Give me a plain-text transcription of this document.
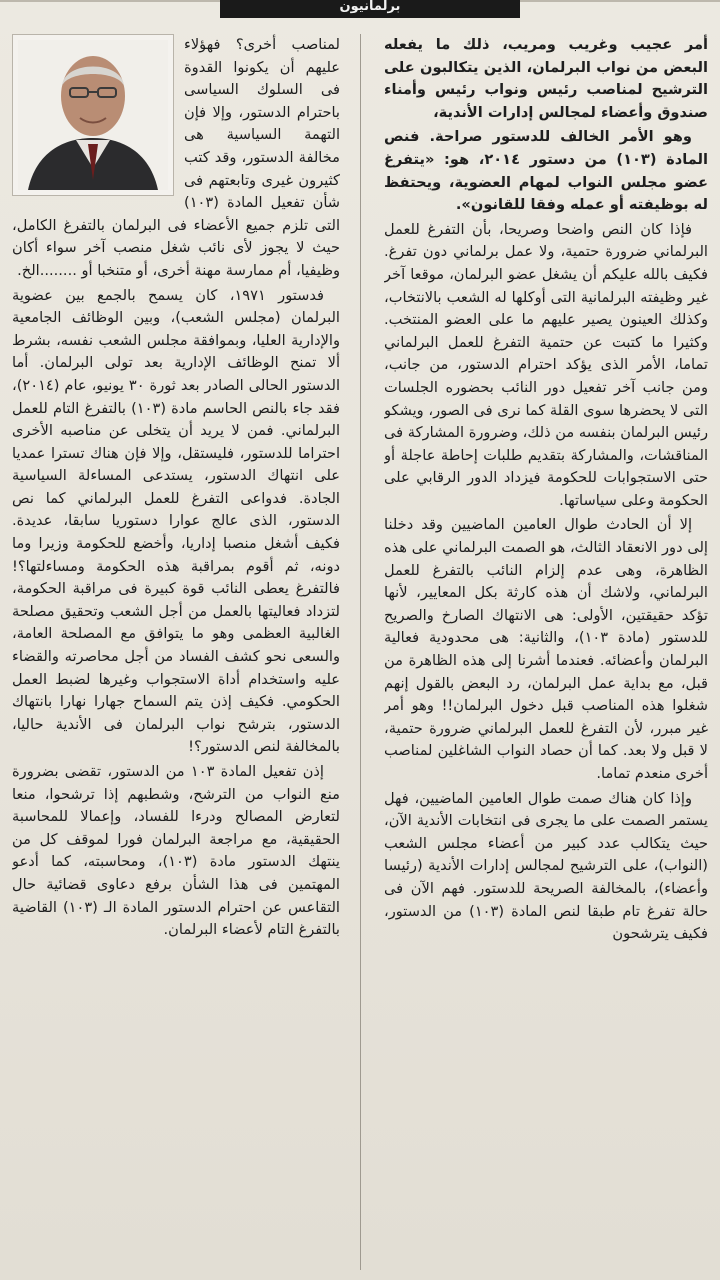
برلمانيون

أمر عجيب وغريب ومريب، ذلك ما يفعله البعض من نواب البرلمان، الذين يتكالبون على الترشيح لمناصب رئيس ونواب رئيس وأمناء صندوق وأعضاء لمجالس إدارات الأندية،

وهو الأمر الخالف للدستور صراحة. فنص المادة (١٠٣) من دستور ٢٠١٤، هو: «يتفرغ عضو مجلس النواب لمهام العضوية، ويحتفظ له بوظيفته أو عمله وفقا للقانون».

فإذا كان النص واضحا وصريحا، بأن التفرغ للعمل البرلماني ضرورة حتمية، ولا عمل برلماني دون تفرغ. فكيف بالله عليكم أن يشغل عضو البرلمان، موقعا آخر غير وظيفته البرلمانية التى أوكلها له الشعب بالانتخاب، وكذلك العينون يصير عليهم ما على العضو المنتخب. وكثيرا ما كتبت عن حتمية التفرغ للعمل البرلماني تماما، الأمر الذى يؤكد احترام الدستور، من جانب، ومن جانب آخر تفعيل دور النائب بحضوره الجلسات التى لا يحضرها سوى القلة كما نرى فى الصور، ويشكو رئيس البرلمان بنفسه من ذلك، وضرورة المشاركة فى المناقشات، والمشاركة بتقديم طلبات إحاطة عاجلة أو حتى الاستجوابات للحكومة فيزداد الدور الرقابي على الحكومة وعلى سياساتها.

إلا أن الحادث طوال العامين الماضيين وقد دخلنا إلى دور الانعقاد الثالث، هو الصمت البرلماني على هذه الظاهرة، وهى عدم إلزام النائب بالتفرغ للعمل البرلماني، ولاشك أن هذه كارثة بكل المعايير، لأنها تؤكد حقيقتين، الأولى: هى الانتهاك الصارخ والصريح للدستور (مادة ١٠٣)، والثانية: هى محدودية فعالية البرلمان وأعضائه. فعندما أشرنا إلى هذه الظاهرة من قبل، مع بداية عمل البرلمان، رد البعض بالقول إنهم شغلوا هذه المناصب قبل دخول البرلمان!! وهو أمر غير مبرر، لأن التفرغ للعمل البرلماني ضرورة حتمية، لا قبل ولا بعد. كما أن حصاد النواب الشاغلين لمناصب أخرى منعدم تماما.

وإذا كان هناك صمت طوال العامين الماضيين، فهل يستمر الصمت على ما يجرى فى انتخابات الأندية الآن، حيث يتكالب عدد كبير من أعضاء مجلس الشعب (النواب)، على الترشيح لمجالس إدارات الأندية (رئيسا وأعضاء)، بالمخالفة الصريحة للدستور. فهم الآن فى حالة تفرغ تام طبقا لنص المادة (١٠٣) من الدستور، فكيف يترشحون

لمناصب أخرى؟ فهؤلاء عليهم أن يكونوا القدوة فى السلوك السياسى باحترام الدستور، وإلا فإن التهمة السياسية هى مخالفة الدستور، وقد كتب كثيرون غيرى وتابعتهم فى شأن تفعيل المادة (١٠٣) التى تلزم جميع الأعضاء فى البرلمان بالتفرغ الكامل، حيث لا يجوز لأى نائب شغل منصب آخر سواء أكان وظيفيا، أم ممارسة مهنة أخرى، أو متنخبا أو ........الخ.

فدستور ١٩٧١، كان يسمح بالجمع بين عضوية البرلمان (مجلس الشعب)، وبين الوظائف الجامعية والإدارية العليا، وبموافقة مجلس الشعب نفسه، بشرط ألا تمنح الوظائف الإدارية بعد تولى البرلمان. أما الدستور الحالى الصادر بعد ثورة ٣٠ يونيو، عام (٢٠١٤)، فقد جاء بالنص الحاسم مادة (١٠٣) بالتفرغ التام للعمل البرلماني. فمن لا يريد أن يتخلى عن مناصبه الأخرى احتراما للدستور، فليستقل، وإلا فإن هناك تسترا عمديا على انتهاك الدستور، يستدعى المساءلة السياسية الجادة. فدواعى التفرغ للعمل البرلماني كما نص الدستور، الذى عالج عوارا دستوريا سابقا، عديدة. فكيف أشغل منصبا إداريا، وأخضع للحكومة وزيرا وما دونه، ثم أقوم بمراقبة هذه الحكومة ومساءلتها؟! فالتفرغ يعطى النائب قوة كبيرة فى مراقبة الحكومة، لتزداد فعاليتها بالعمل من أجل الشعب وتحقيق مصلحة الغالبية العظمى وهو ما يتوافق مع المصلحة العامة، والسعى نحو كشف الفساد من أجل محاصرته والقضاء عليه واستخدام أداة الاستجواب وغيرها لضبط العمل الحكومي. فكيف إذن يتم السماح جهارا نهارا بانتهاك الدستور، بترشح نواب البرلمان فى الأندية حاليا، بالمخالفة لنص الدستور؟!

إذن تفعيل المادة ١٠٣ من الدستور، تقضى بضرورة منع النواب من الترشح، وشطبهم إذا ترشحوا، منعا لتعارض المصالح ودرءا للفساد، وإعمالا للمحاسبة الحقيقية، مع مراجعة البرلمان فورا لموقف كل من ينتهك الدستور مادة (١٠٣)، ومحاسبته، كما أدعو المهتمين فى هذا الشأن برفع دعاوى قضائية حال التقاعس عن احترام الدستور المادة الـ (١٠٣) القاضية بالتفرغ التام لأعضاء البرلمان.
